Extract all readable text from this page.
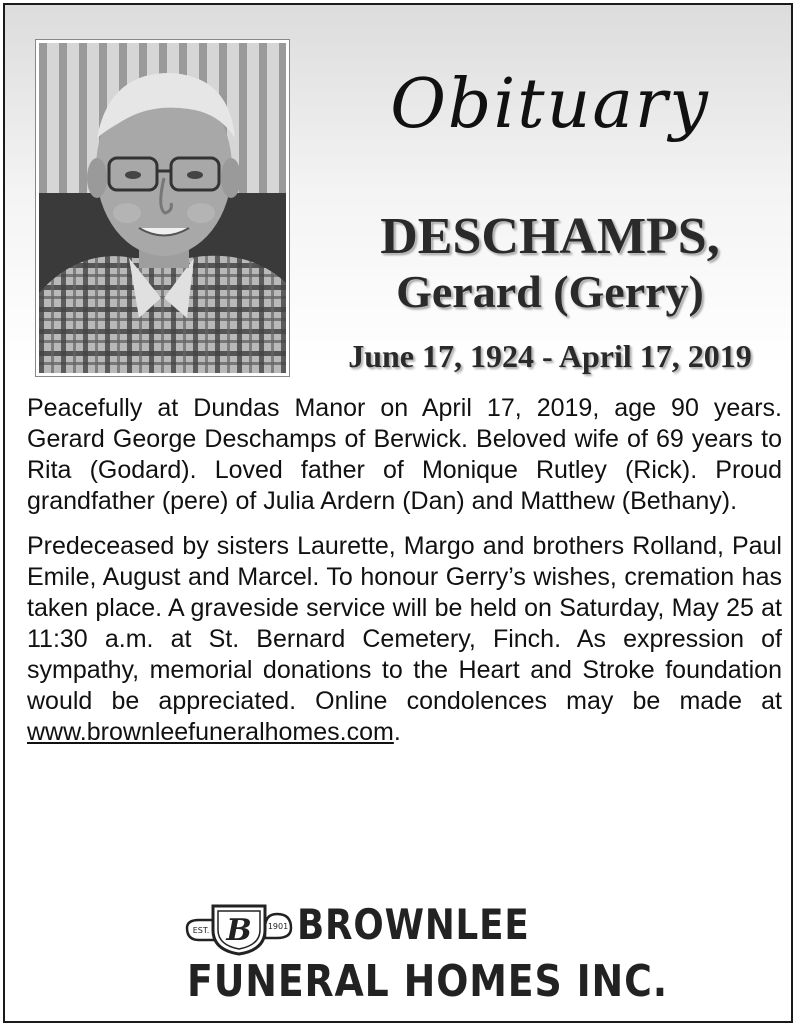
Obituary
DESCHAMPS,
Gerard (Gerry)
June 17, 1924 - April 17, 2019

Peacefully at Dundas Manor on April 17, 2019, age 90 years. Gerard George Deschamps of Berwick. Beloved wife of 69 years to Rita (Godard). Loved father of Monique Rutley (Rick). Proud grandfather (pere) of Julia Ardern (Dan) and Matthew (Bethany).

Predeceased by sisters Laurette, Margo and brothers Rolland, Paul Emile, August and Marcel. To honour Gerry’s wishes, cremation has taken place. A graveside service will be held on Saturday, May 25 at 11:30 a.m. at St. Bernard Cemetery, Finch. As expression of sympathy, memorial donations to the Heart and Stroke foundation would be appreciated. Online condolences may be made at www.brownleefuneralhomes.com.

B
EST.	1901 BROWNLEE
FUNERAL HOMES INC.
